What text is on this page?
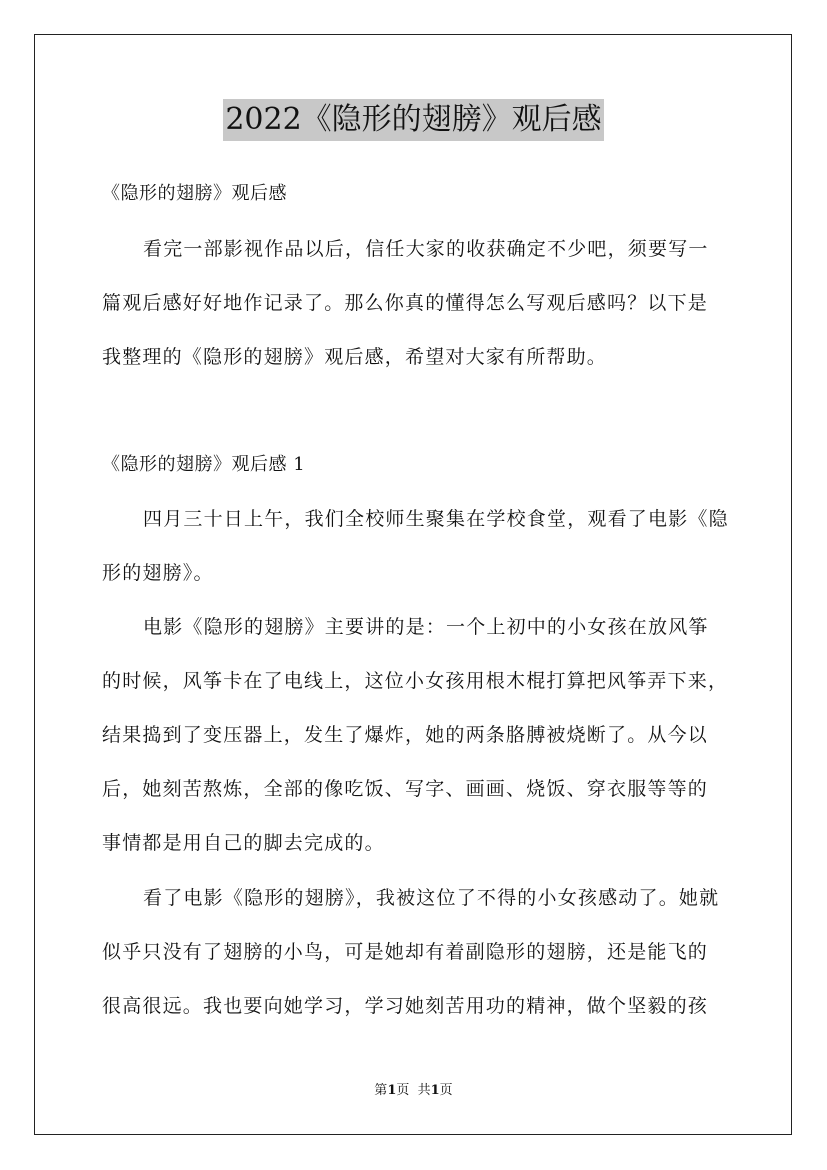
2022《隐形的翅膀》观后感
《隐形的翅膀》观后感
看完一部影视作品以后，信任大家的收获确定不少吧，须要写一
篇观后感好好地作记录了。那么你真的懂得怎么写观后感吗？以下是
我整理的《隐形的翅膀》观后感，希望对大家有所帮助。
《隐形的翅膀》观后感 1
四月三十日上午，我们全校师生聚集在学校食堂，观看了电影《隐
形的翅膀》。
电影《隐形的翅膀》主要讲的是：一个上初中的小女孩在放风筝
的时候，风筝卡在了电线上，这位小女孩用根木棍打算把风筝弄下来，
结果捣到了变压器上，发生了爆炸，她的两条胳膊被烧断了。从今以
后，她刻苦熬炼，全部的像吃饭、写字、画画、烧饭、穿衣服等等的
事情都是用自己的脚去完成的。
看了电影《隐形的翅膀》，我被这位了不得的小女孩感动了。她就
似乎只没有了翅膀的小鸟，可是她却有着副隐形的翅膀，还是能飞的
很高很远。我也要向她学习，学习她刻苦用功的精神，做个坚毅的孩
第1页  共1页
